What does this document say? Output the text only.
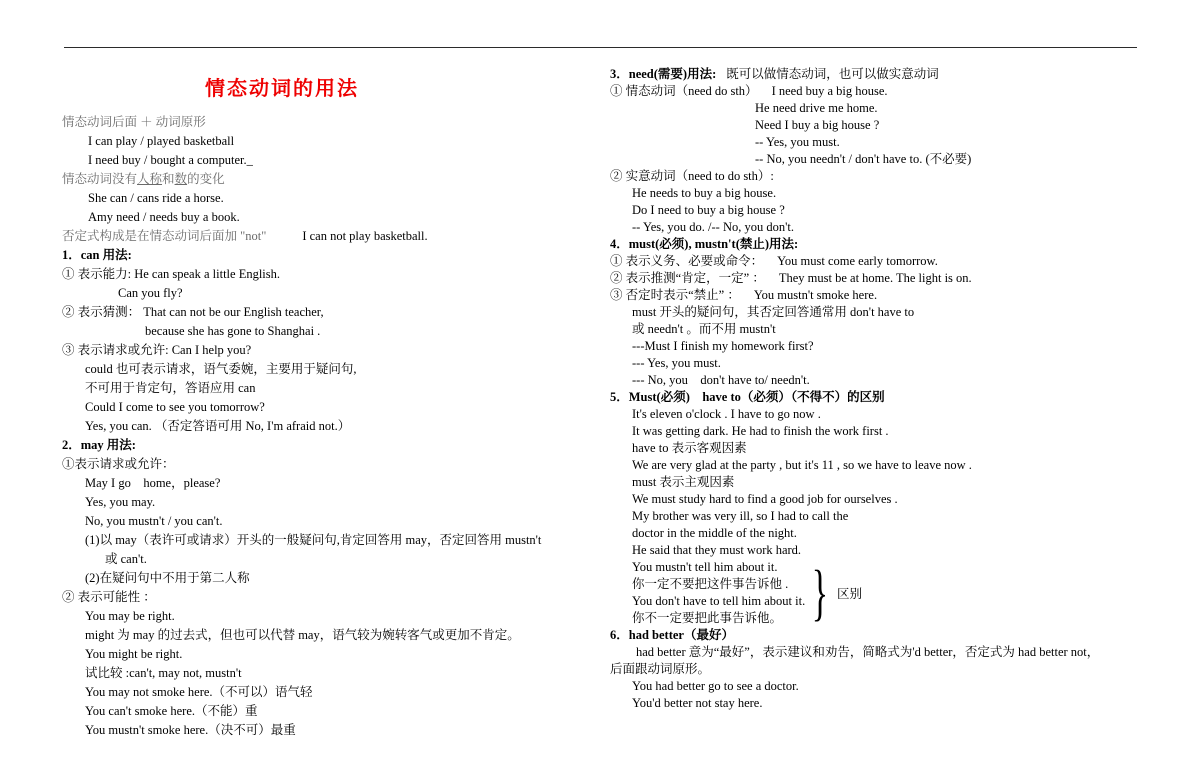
情态动词的用法
情态动词后面 ＋ 动词原形
I can play / played basketball
I need buy / bought a computer._
情态动词没有人称和数的变化
She can / cans ride a horse.
Amy need / needs buy a book.
否定式构成是在情态动词后面加 "not"	I can not play basketball.
1．can 用法:
① 表示能力: He can speak a little English.
Can you fly?
② 表示猜测： That can not be our English teacher,
because she has gone to Shanghai .
③ 表示请求或允许: Can I help you?
could 也可表示请求，语气委婉，主要用于疑问句,
不可用于肯定句，答语应用 can
Could I come to see you tomorrow?
Yes, you can. （否定答语可用 No, I'm afraid not.）
2．may 用法:
①表示请求或允许：
May I go　home，please?
Yes, you may.
No, you mustn't / you can't.
(1)以 may（表许可或请求）开头的一般疑问句,肯定回答用 may，否定回答用 mustn't
或 can't.
(2)在疑问句中不用于第二人称
② 表示可能性 ：
You may be right.
might 为 may 的过去式，但也可以代替 may，语气较为婉转客气或更加不肯定。
You might be right.
试比较 :can't, may not, mustn't
You may not smoke here.（不可以）语气轻
You can't smoke here.（不能）重
You mustn't smoke here.（决不可）最重
3．need(需要)用法: 既可以做情态动词，也可以做实意动词
① 情态动词（need do sth） I need buy a big house.
He need drive me home.
Need I buy a big house ?
-- Yes, you must.
-- No, you needn't / don't have to. (不必要)
② 实意动词（need to do sth）:
He needs to buy a big house.
Do I need to buy a big house ?
-- Yes, you do. /-- No, you don't.
4．must(必须), mustn't(禁止)用法:
① 表示义务、必要或命令： You must come early tomorrow.
② 表示推测“肯定，一定” ： They must be at home. The light is on.
③ 否定时表示“禁止” ： You mustn't smoke here.
must 开头的疑问句，其否定回答通常用 don't have to
或 needn't 。而不用 mustn't
---Must I finish my homework first?
--- Yes, you must.
--- No, you　don't have to/ needn't.
5．Must(必须)　have to（必须）（不得不）的区别
It's eleven o'clock . I have to go now .
It was getting dark. He had to finish the work first .
have to 表示客观因素
We are very glad at the party , but it's 11 , so we have to leave now .
must 表示主观因素
We must study hard to find a good job for ourselves .
My brother was very ill, so I had to call the
doctor in the middle of the night.
He said that they must work hard.
You mustn't tell him about it.
你一定不要把这件事告诉他 .
You don't have to tell him about it.
你不一定要把此事告诉他。 } 区别
6．had better（最好）
had better 意为“最好”，表示建议和劝告，简略式为'd better，否定式为 had better not，
后面跟动词原形。
You had better go to see a doctor.
You'd better not stay here.
